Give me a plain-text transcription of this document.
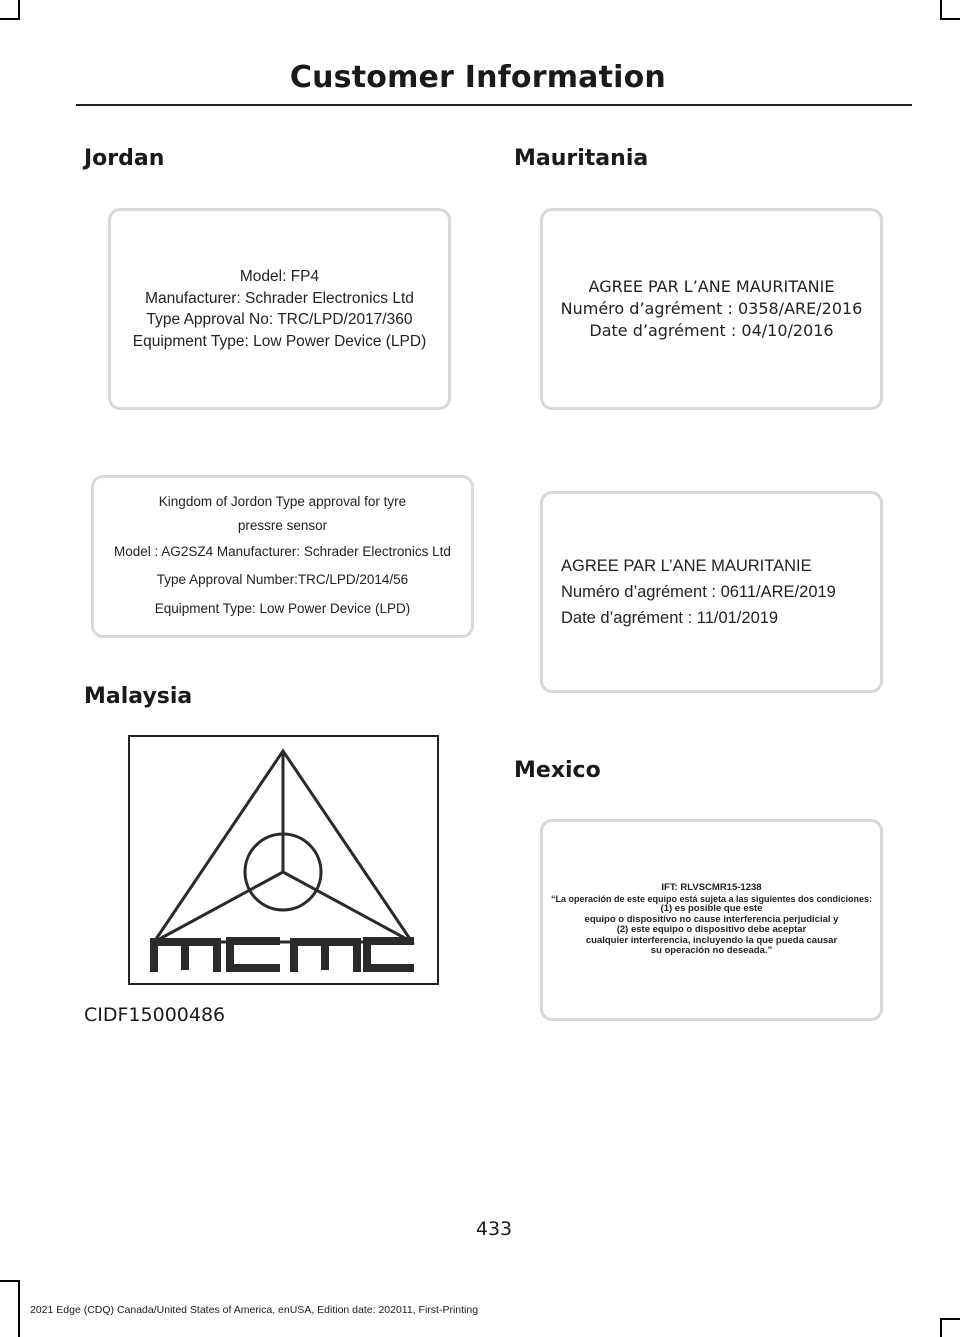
Customer Information
Jordan
Model: FP4
Manufacturer: Schrader Electronics Ltd
Type Approval No: TRC/LPD/2017/360
Equipment Type: Low Power Device (LPD)
Kingdom of Jordon Type approval for tyre
pressre sensor
Model : AG2SZ4 Manufacturer: Schrader Electronics Ltd
Type Approval Number:TRC/LPD/2014/56
Equipment Type: Low Power Device (LPD)
Malaysia
CIDF15000486
Mauritania
AGREE PAR L’ANE MAURITANIE
Numéro d’agrément : 0358/ARE/2016
Date d’agrément : 04/10/2016
AGREE PAR L’ANE MAURITANIE
Numéro d’agrément : 0611/ARE/2019
Date d’agrément : 11/01/2019
Mexico
IFT: RLVSCMR15-1238
“La operación de este equipo está sujeta a las siguientes dos condiciones:
(1) es posible que este
equipo o dispositivo no cause interferencia perjudicial y
(2) este equipo o dispositivo debe aceptar
cualquier interferencia, incluyendo la que pueda causar
su operación no deseada.”
433
2021 Edge (CDQ) Canada/United States of America, enUSA, Edition date: 202011, First-Printing
